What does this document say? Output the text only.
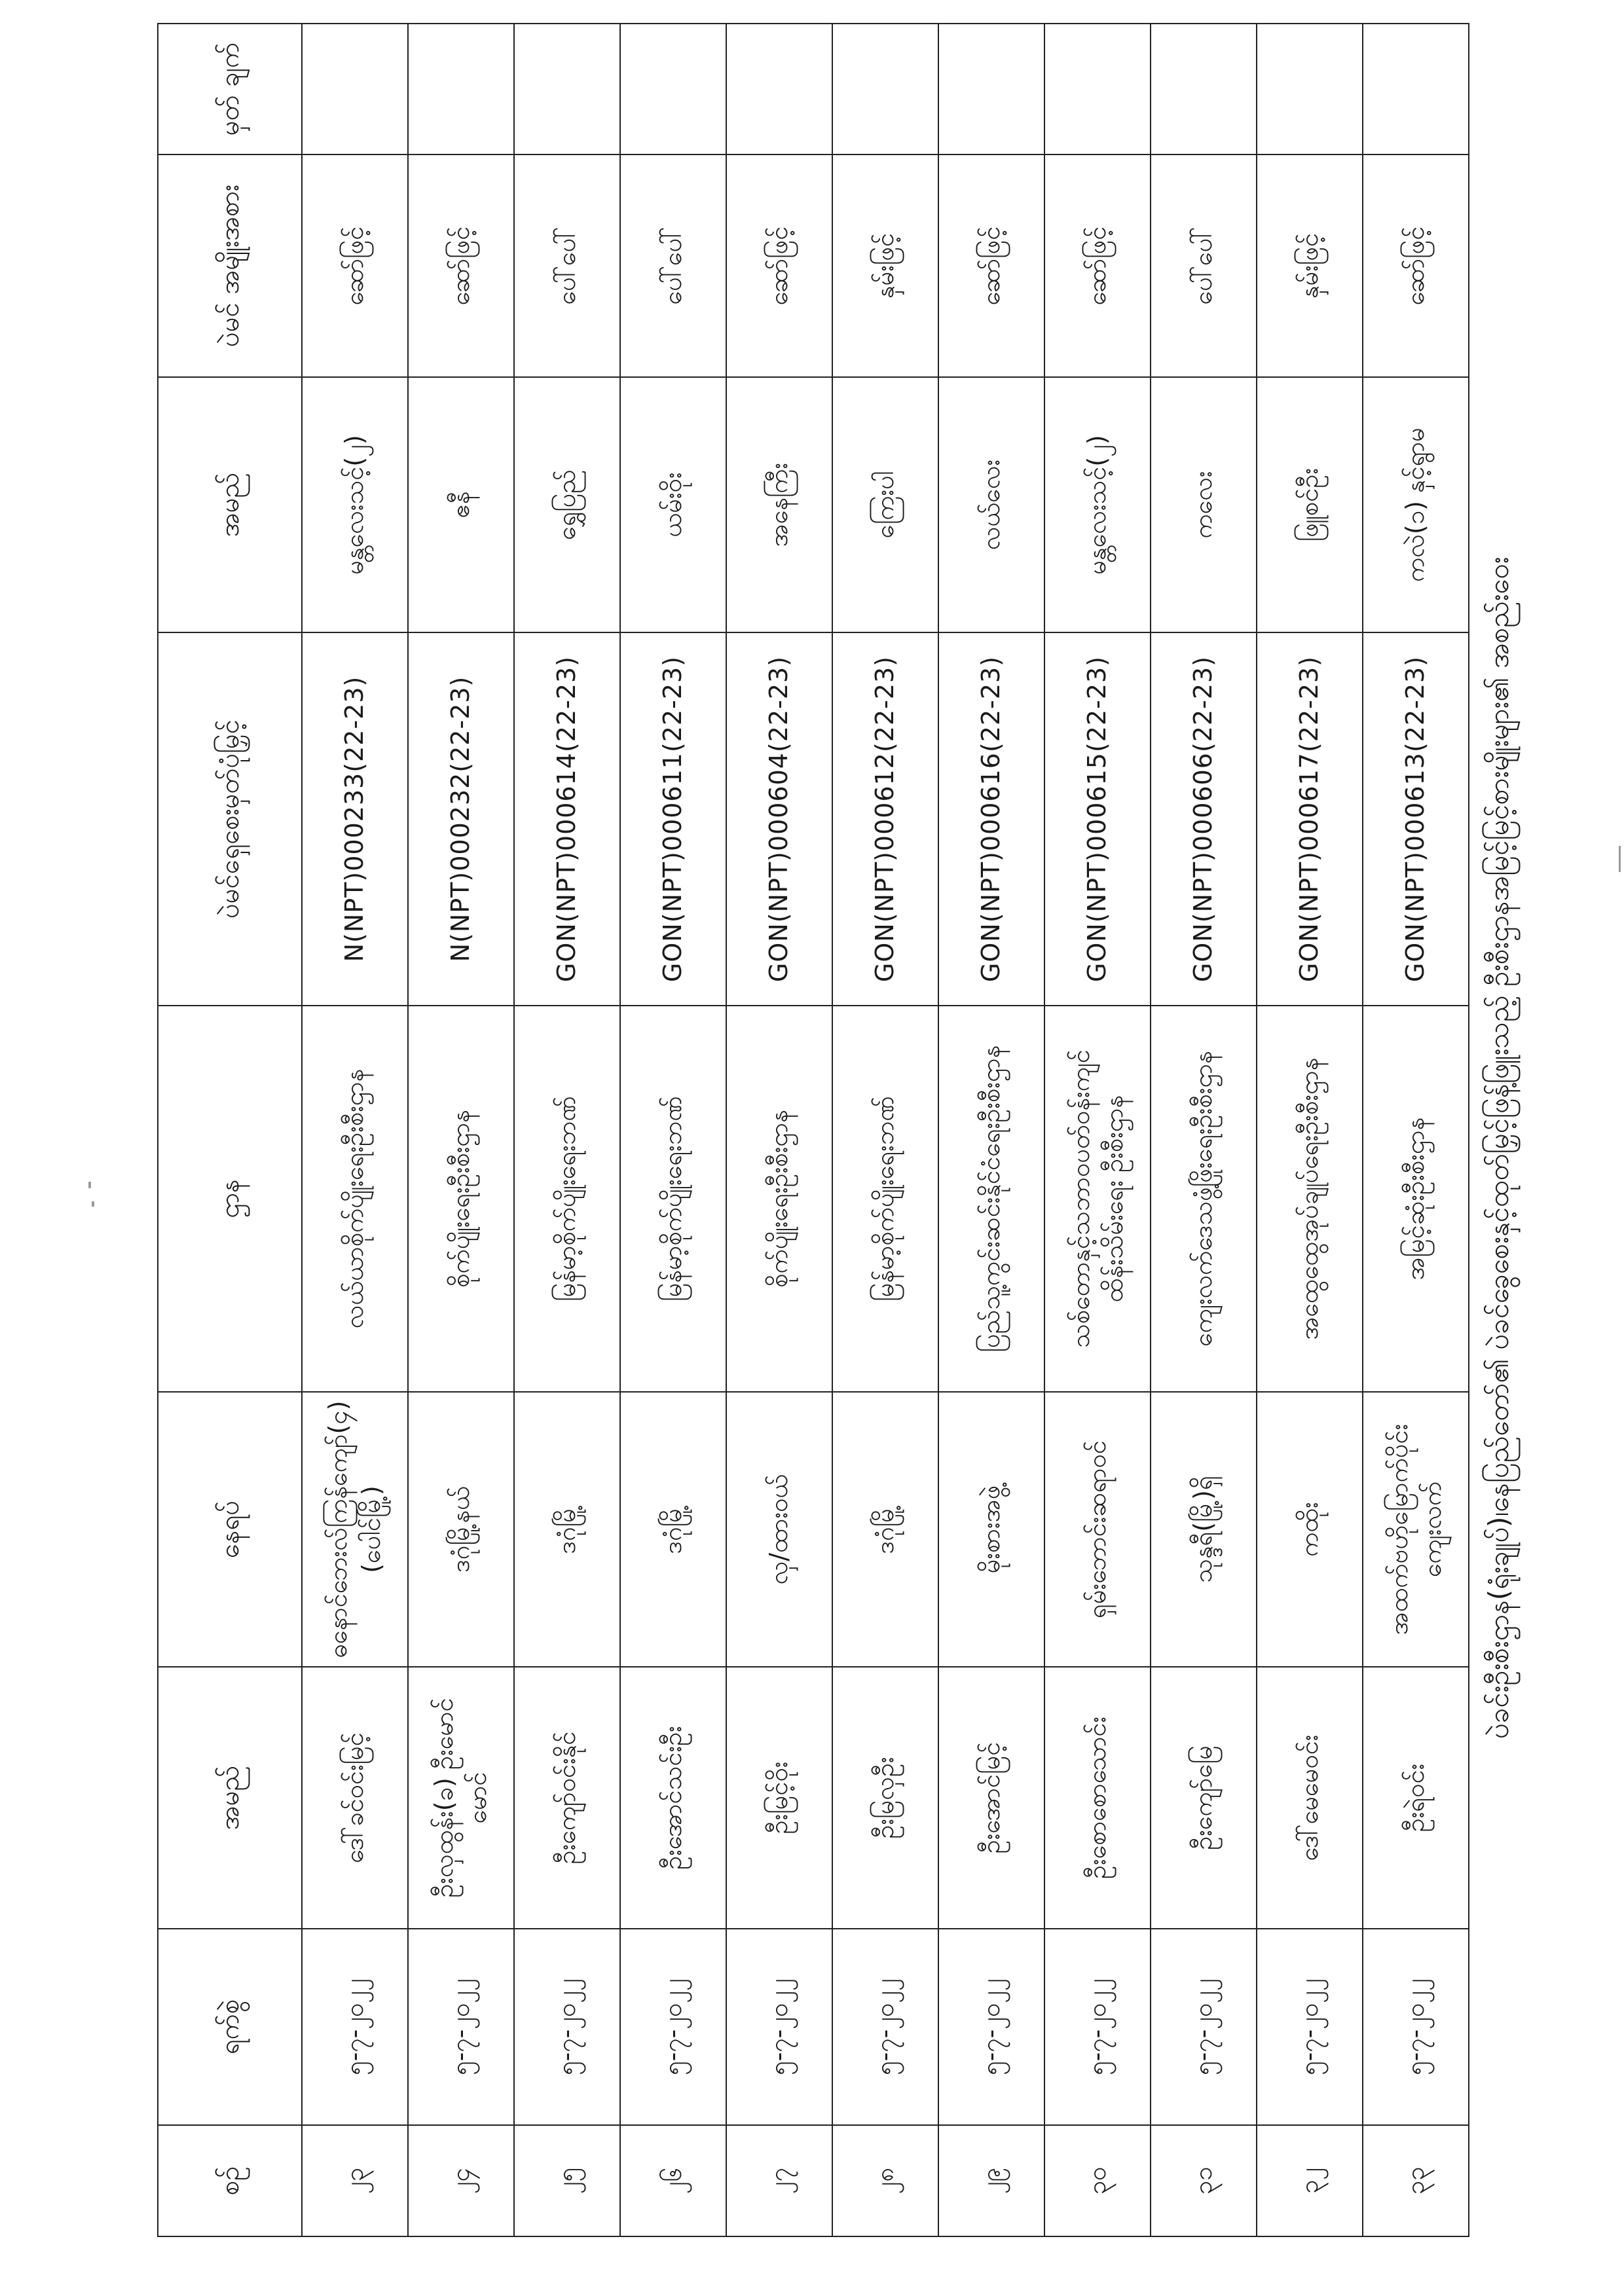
ပဲခင်းဦးစီးဌာန(ရုံးချုပ်)၊နေပြည်တော်၏ ပဲခင်ခွေစေးနှင့်ထုတ်မြှင့်ဖြန့်ဖြူးသည့် ဦးစီးဌာနအမြင့်မြင့်စားမျိုးများ၏ အစည်းဝေး
စဉ်	ရက်စွဲ	အမည်	နေရပ်	ဌာန	ပဲမင်ရှေစေးမှတ်ပုံမြှင့်	အမည်	ပဲမင် အမျိုးအစား	မှတ် ချက်
၂၃	၅-၇-၂၀၂၂	ဒေါ်ခင်ဝင်းမြင့်	ဓနောင်ဘေးလ်ကြန်ကျော်(၄) (ပေါင်မြို့)	လယ်ယာစိုက်ပျိုးရေးဦးစီးဌာန	N(NPT)000233(22-23)	မန္တလေးသင့်(၂)	ဆော်ဖြင့်	
၂၄	၅-၇-၂၀၂၂	ဦးလှထွန်း(ခ) ဦးမောင်မောင်	ဒဂုံမြို့နယ်	စိုက်ပျိုးရေးဦးစီးဌာန	N(NPT)000232(22-23)	ဧနီ	ဆော်ဖြင့်	
၂၅	၅-၇-၂၀၂၂	ဦးကျော်ဝင်းနိုင်	ဒဂုံမြို့	မြန်မာ့စိုက်ပျိုးရေးဘဏ်	GON(NPT)000614(22-23)	ရွှေပြည်	ပေါ်ပေါ်	
၂၆	၅-၇-၂၀၂၂	ဦးအောင်သင်းဦး	ဒဂုံမြို့	မြန်မာ့စိုက်ပျိုးရေးဘဏ်	GON(NPT)000611(22-23)	ယမ်းဝိုး	ပေါ်ပေါ်	
၂၇	၅-၇-၂၀၂၂	ဦးမြင့်ဝိုး	လှ/ထားဝယ်	စိုက်ပျိုးရေးဦးစီးဌာန	GON(NPT)000604(22-23)	အနေကြီး	ဆော်ဖြင့်	
၂၈	၅-၇-၂၀၂၂	ဦးမြလှဦး	ဒဂုံမြို့	မြန်မာ့စိုက်ပျိုးရေးဘဏ်	GON(NPT)000612(22-23)	ကြေးပါ	နှမ်းဖြင့်	
၂၉	၅-၇-၂၀၂၂	ဦးအောင်မြင့်	မိုးစားအဖွဲ့	ပြည်သူ့ကွင်းဆင်းနိုင်ငံရေးဦးစီးဌာန	GON(NPT)000616(22-23)	လယ်လေး	ဆော်ဖြင့်	
၃၀	၅-၇-၂၀၂၂	ဦးစောစောသောင်း	ရှမ်းဘောင်းဆရာဝင်	သစ်တောနှင့်သဘာဝပတ်ဝန်းကျင်ထိန်းသိမ်းရေး ဦးစီးဌာန	GON(NPT)000615(22-23)	မန္တလေးသင့်(၂)	ဆော်ဖြင့်	
၃၁	၅-၇-၂၀၂၂	ဦးကျော်မြေ	သုန္ဒရီ(မြို့)ရှိ	ကျေးလက်ဒေသဖွံ့ဖြိုးရေးဦးစီးဌာန	GON(NPT)000606(22-23)	ကလေး	ပေါ်ပေါ်	
၃၂	၅-၇-၂၀၂၂	ဒေါ်မေမေဝင်း	ကထိုး	အထွေထွေအုပ်ချုပ်ရေးဦးစီးဌာန	GON(NPT)000617(22-23)	ဖြူစင်ဦး	နှမ်းဖြင့်	
၃၃	၅-၇-၂၀၂၂	ဦးရဲဝင်း	အထက်ဗဟိုမြောက်ပိုင်း ကျေးလက်	အမြင့်ဆုံးဦးစီးဌာန	GON(NPT)000613(22-23)	ကလဲ(၁) နှင့်ရွာမ	ဆော်ဖြင့်	
